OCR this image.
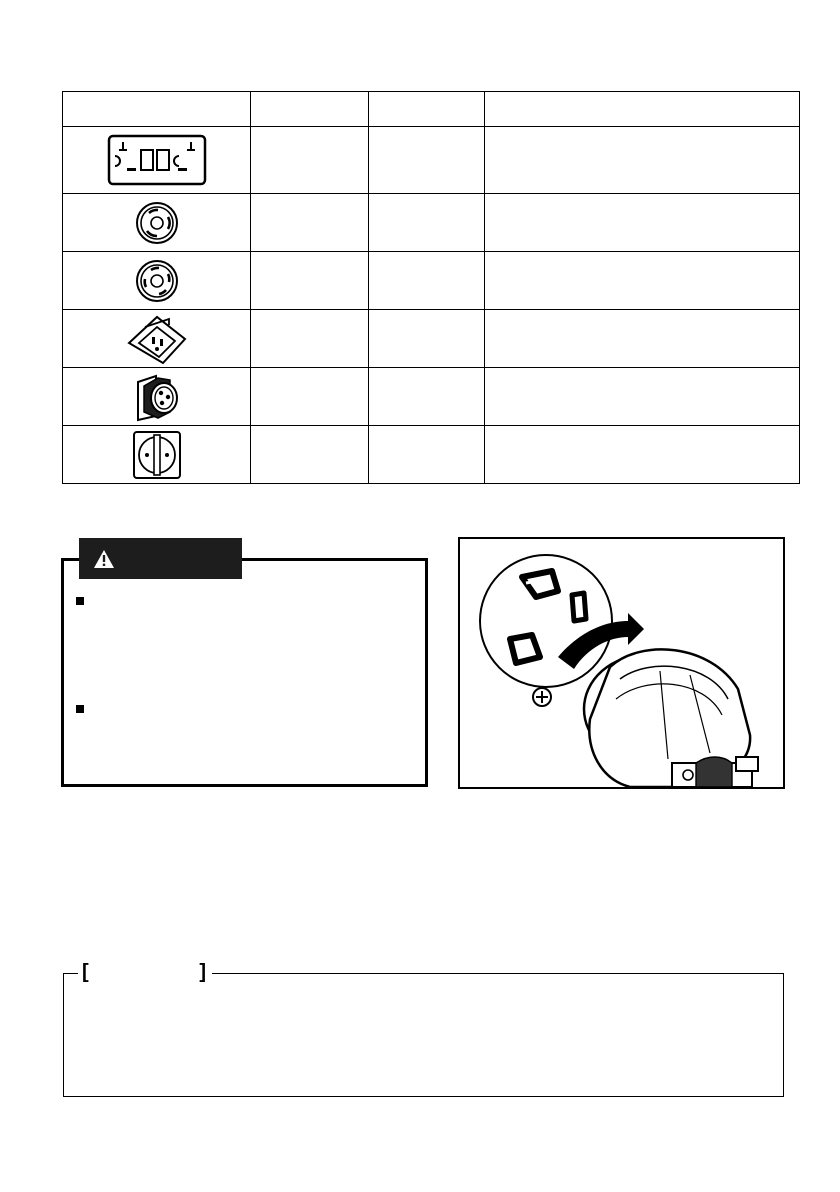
[	]
